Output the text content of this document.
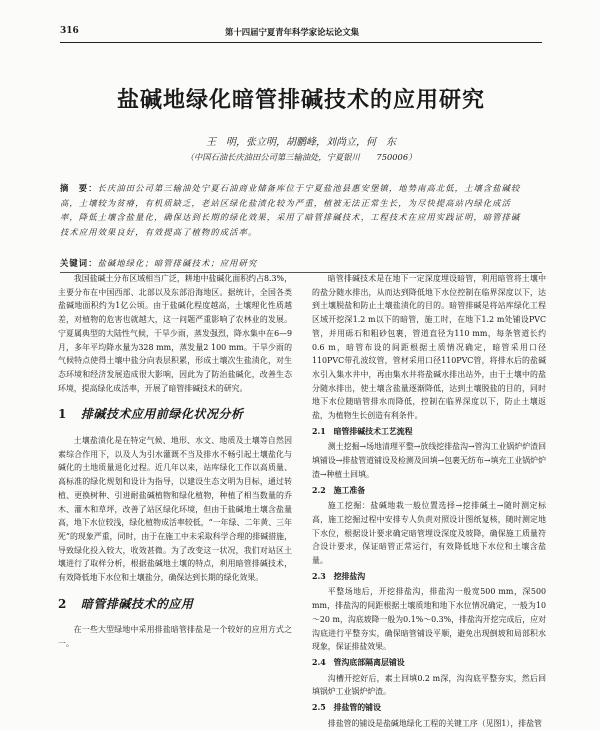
316	第十四届宁夏青年科学家论坛论文集
盐碱地绿化暗管排碱技术的应用研究
王　明，张立明，胡鹏峰，刘尚立，何　东
（中国石油长庆油田公司第三输油处，宁夏银川　　750006）
摘　要：长庆油田公司第三输油处宁夏石油商业储备库位于宁夏盐池县惠安堡镇，地势南高北低，土壤含盐碱较高，土壤较为贫瘠，有机质缺乏，老站区绿化盐渍化较为严重，植被无法正常生长，为尽快提高站内绿化成活率，降低土壤含盐量化，确保达到长期的绿化效果，采用了暗管排碱技术，工程技术在应用实践证明，暗管排碱技术应用效果良好，有效提高了植物的成活率。
关键词：盐碱地绿化；暗管排碱技术；应用研究

我国盐碱土分布区域相当广泛，耕地中盐碱化面积约占8.3%，主要分布在中国西部、北部以及东部沿海地区。据统计，全国各类盐碱地面积约为1亿公顷。由于盐碱化程度越高，土壤理化性质越差，对植物的危害也就越大，这一问题严重影响了农林业的发展。宁夏属典型的大陆性气候，干旱少雨，蒸发强烈，降水集中在6—9月，多年平均降水量为328 mm，蒸发量2 100 mm。干旱少雨的气候特点使得土壤中盐分向表层积累，形成土壤次生盐渍化，对生态环境和经济发展造成很大影响，因此为了防治盐碱化，改善生态环境，提高绿化成活率，开展了暗管排碱技术的研究。

1 排碱技术应用前绿化状况分析

土壤盐渍化是在特定气候、地形、水文、地质及土壤等自然因素综合作用下，以及人为引水灌溉不当及排水不畅引起土壤盐化与碱化的土地质量退化过程。近几年以来，站库绿化工作以高质量、高标准的绿化规划和设计为指导，以建设生态文明为目标，通过转植、更换树种、引进耐盐碱植物和绿化植物，种植了相当数量的乔木、灌木和草坪，改善了站区绿化环境，但由于盐碱地土壤含盐量高，地下水位较浅，绿化植物成活率较低，“一年绿、二年黄、三年死”的现象严重，同时，由于在施工中未采取科学合理的排碱措施，导致绿化投入较大，收效甚微。为了改变这一状况，我们对站区土壤进行了取样分析，根据盐碱地土壤的特点，利用暗管排碱技术，有效降低地下水位和土壤盐分，确保达到长期的绿化效果。

2 暗管排碱技术的应用

在一些大型绿地中采用排盐暗管排盐是一个较好的应用方式之一。

暗管排碱技术是在地下一定深度埋设暗管，利用暗管将土壤中的盐分随水排出，从而达到降低地下水位控制在临界深度以下，达到土壤脱盐和防止土壤盐渍化的目的。暗管排碱是将站库绿化工程区域开挖深1.2 m以下的暗管，施工时，在地下1.2 m处铺设PVC管，并用砾石和粗砂包裹，管道直径为110 mm，每条管道长约0.6 m，暗管布设的间距根据土质情况确定，暗管采用口径110PVC带孔波纹管，管材采用口径110PVC管，将排水后的盐碱水引入集水井中，再由集水井将盐碱水排出站外，由于土壤中的盐分随水排出，使土壤含盐量逐渐降低，达到土壤脱盐的目的，同时地下水位随暗管排水而降低，控制在临界深度以下，防止土壤返盐，为植物生长创造有利条件。

2.1　暗管排碱技术工艺流程

测土挖掘→场地清理平整→放线挖排盐沟→管沟工业锅炉炉渣回填铺设→排盐管道铺设及检测及回填→包裹无纺布→填充工业锅炉炉渣→种植土回填。

2.2　施工准备

施工挖掘：盐碱地栽一般位置选择→挖排碱土→随时测定标高，施工挖掘过程中安排专人负责对照设计图纸复核，随时测定地下水位，根据设计要求确定暗管埋设深度及坡降，确保施工质量符合设计要求，保证暗管正常运行，有效降低地下水位和土壤含盐量。

2.3　挖排盐沟

平整场地后，开挖排盐沟，排盐沟一般宽500 mm，深500 mm，排盐沟的间距根据土壤质地和地下水位情况确定，一般为10～20 m，沟底坡降一般为0.1%～0.3%，排盐沟开挖完成后，应对沟底进行平整夯实，确保暗管铺设平顺，避免出现倒坡和局部积水现象，保证排盐效果。

2.4　管沟底部隔离层铺设

沟槽开挖好后，素土回填0.2 m深，沟沟底平整夯实，然后回填锅炉工业锅炉炉渣。

2.5　排盐管的铺设

排盐管的铺设是盐碱地绿化工程的关键工序（见图1），排盐管
